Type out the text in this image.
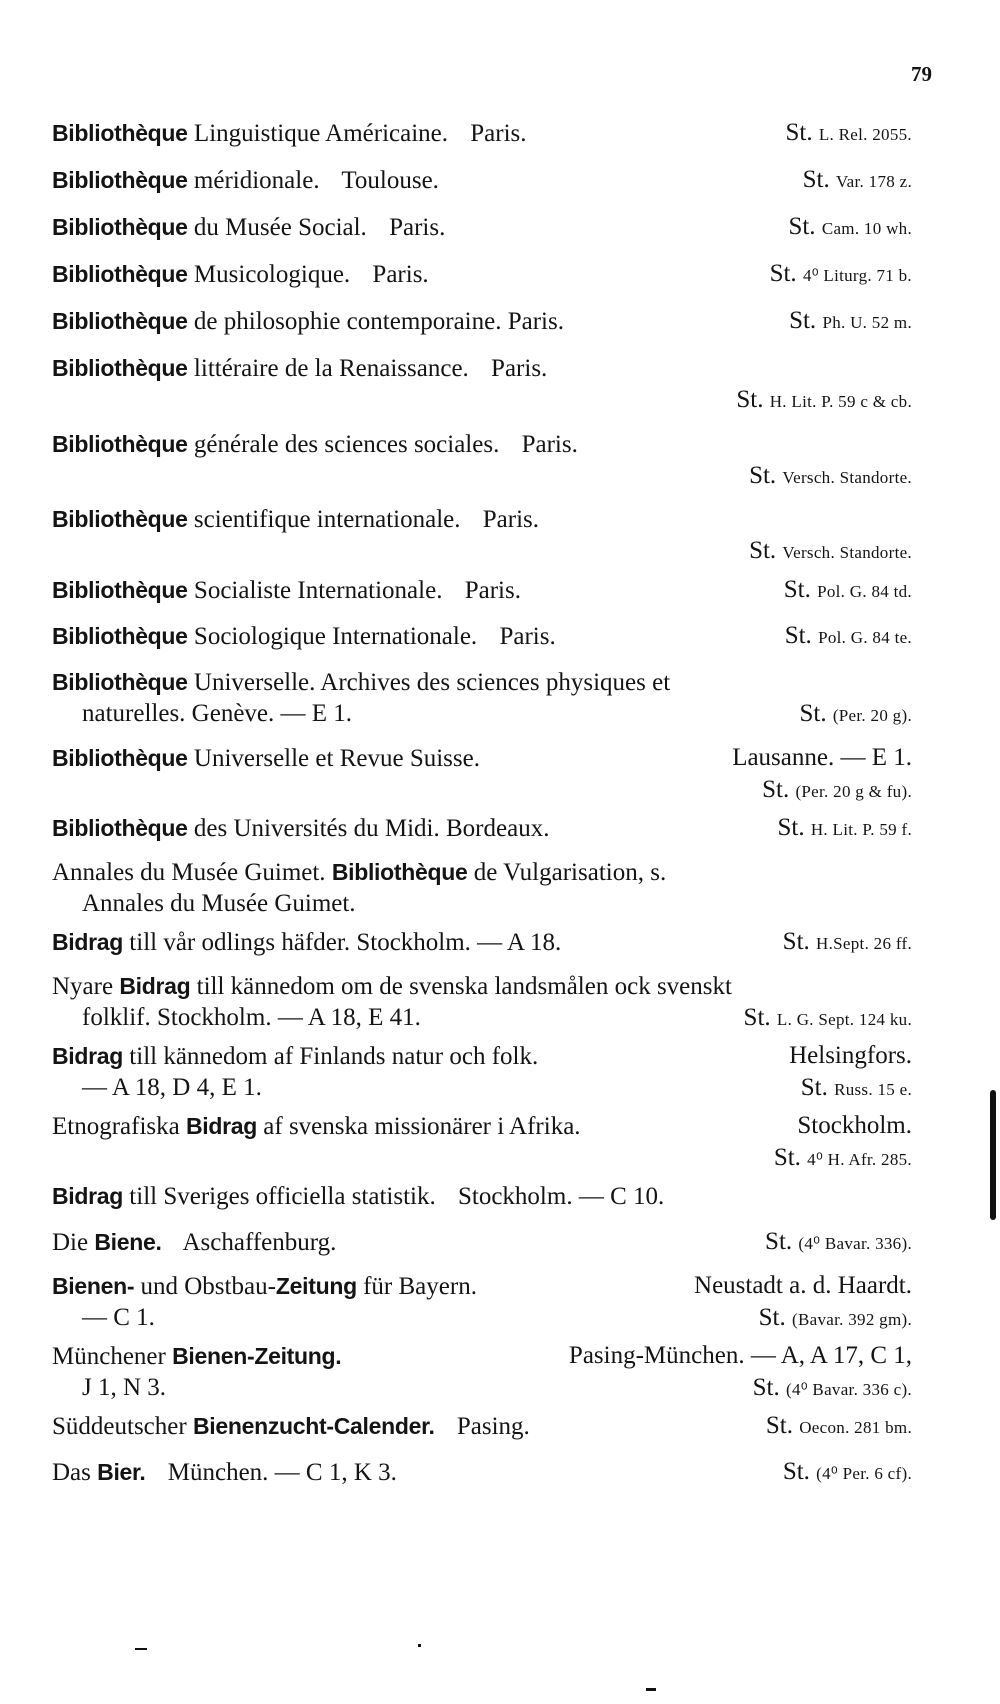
79
Bibliothèque Linguistique Américaine. Paris.	St. L. Rel. 2055.
Bibliothèque méridionale. Toulouse.	St. Var. 178 z.
Bibliothèque du Musée Social. Paris.	St. Cam. 10 wh.
Bibliothèque Musicologique. Paris.	St. 4⁰ Liturg. 71 b.
Bibliothèque de philosophie contemporaine. Paris.	St. Ph. U. 52 m.
Bibliothèque littéraire de la Renaissance. Paris.
St. H. Lit. P. 59 c & cb.
Bibliothèque générale des sciences sociales. Paris.
St. Versch. Standorte.
Bibliothèque scientifique internationale. Paris.
St. Versch. Standorte.
Bibliothèque Socialiste Internationale. Paris.	St. Pol. G. 84 td.
Bibliothèque Sociologique Internationale. Paris.	St. Pol. G. 84 te.
Bibliothèque Universelle. Archives des sciences physiques et
naturelles. Genève. — E 1.	St. (Per. 20 g).
Bibliothèque Universelle et Revue Suisse.	Lausanne. — E 1.
St. (Per. 20 g & fu).
Bibliothèque des Universités du Midi. Bordeaux.	St. H. Lit. P. 59 f.
Annales du Musée Guimet. Bibliothèque de Vulgarisation, s.
Annales du Musée Guimet.
Bidrag till vår odlings häfder. Stockholm. — A 18.	St. H.Sept. 26 ff.
Nyare Bidrag till kännedom om de svenska landsmålen ock svenskt
folklif. Stockholm. — A 18, E 41.	St. L. G. Sept. 124 ku.
Bidrag till kännedom af Finlands natur och folk.	Helsingfors.
— A 18, D 4, E 1.	St. Russ. 15 e.
Etnografiska Bidrag af svenska missionärer i Afrika.	Stockholm.
St. 4⁰ H. Afr. 285.
Bidrag till Sveriges officiella statistik. Stockholm. — C 10.
Die Biene. Aschaffenburg.	St. (4⁰ Bavar. 336).
Bienen- und Obstbau-Zeitung für Bayern.	Neustadt a. d. Haardt.
— C 1.	St. (Bavar. 392 gm).
Münchener Bienen-Zeitung.	Pasing-München. — A, A 17, C 1,
J 1, N 3.	St. (4⁰ Bavar. 336 c).
Süddeutscher Bienenzucht-Calender. Pasing.	St. Oecon. 281 bm.
Das Bier. München. — C 1, K 3.	St. (4⁰ Per. 6 cf).
